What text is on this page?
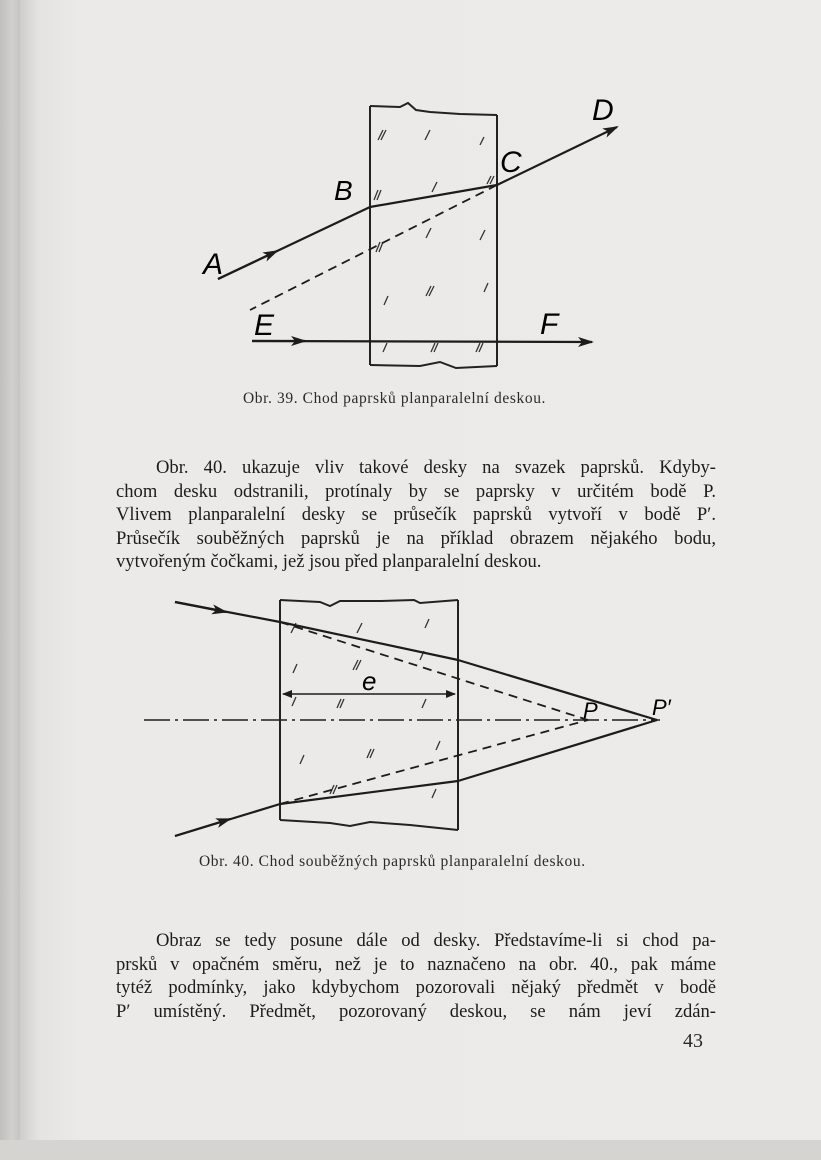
A
B
C
D
E	F

Obr. 39. Chod paprsků planparalelní deskou.

Obr. 40. ukazuje vliv takové desky na svazek paprsků. Kdyby-
chom desku odstranili, protínaly by se paprsky v určitém bodě P.
Vlivem planparalelní desky se průsečík paprsků vytvoří v bodě P′.
Průsečík souběžných paprsků je na příklad obrazem nějakého bodu,
vytvořeným čočkami, jež jsou před planparalelní deskou.
e
P P′

Obr. 40. Chod souběžných paprsků planparalelní deskou.

Obraz se tedy posune dále od desky. Představíme-li si chod pa-
prsků v opačném směru, než je to naznačeno na obr. 40., pak máme
tytéž podmínky, jako kdybychom pozorovali nějaký předmět v bodě
P′ umístěný. Předmět, pozorovaný deskou, se nám jeví zdán-
43
